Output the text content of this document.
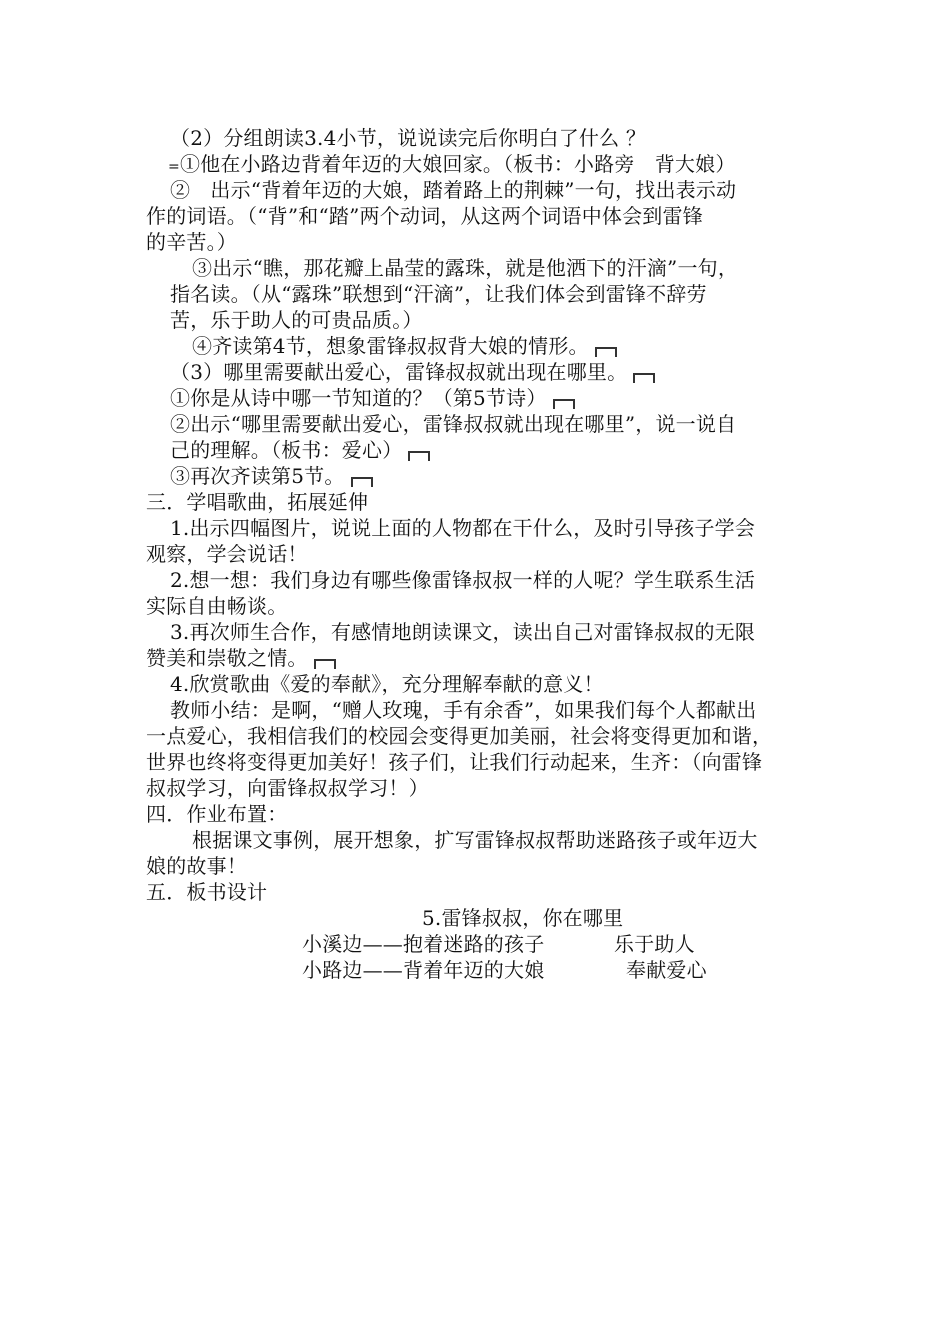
（2）分组朗读3.4小节，说说读完后你明白了什么 ？
=①他在小路边背着年迈的大娘回家。（板书：小路旁　背大娘）
②　出示“背着年迈的大娘，踏着路上的荆棘”一句，找出表示动
作的词语。（“背”和“踏”两个动词，从这两个词语中体会到雷锋
的辛苦。）
③出示“瞧，那花瓣上晶莹的露珠，就是他洒下的汗滴”一句，
指名读。（从“露珠”联想到“汗滴”，让我们体会到雷锋不辞劳
苦，乐于助人的可贵品质。）
④齐读第4节，想象雷锋叔叔背大娘的情形。
（3）哪里需要献出爱心，雷锋叔叔就出现在哪里。
①你是从诗中哪一节知道的？（第5节诗）
②出示“哪里需要献出爱心，雷锋叔叔就出现在哪里”，说一说自
己的理解。（板书：爱心）
③再次齐读第5节。
三．学唱歌曲，拓展延伸
1.出示四幅图片，说说上面的人物都在干什么，及时引导孩子学会
观察，学会说话！
2.想一想：我们身边有哪些像雷锋叔叔一样的人呢？学生联系生活
实际自由畅谈。
3.再次师生合作，有感情地朗读课文，读出自己对雷锋叔叔的无限
赞美和崇敬之情。
4.欣赏歌曲《爱的奉献》，充分理解奉献的意义！
教师小结：是啊，“赠人玫瑰，手有余香”，如果我们每个人都献出
一点爱心，我相信我们的校园会变得更加美丽，社会将变得更加和谐，
世界也终将变得更加美好！孩子们，让我们行动起来，生齐：（向雷锋
叔叔学习，向雷锋叔叔学习！）
四．作业布置：
根据课文事例，展开想象，扩写雷锋叔叔帮助迷路孩子或年迈大
娘的故事！
五．板书设计
5.雷锋叔叔，你在哪里
小溪边——抱着迷路的孩子	乐于助人
小路边——背着年迈的大娘	奉献爱心
